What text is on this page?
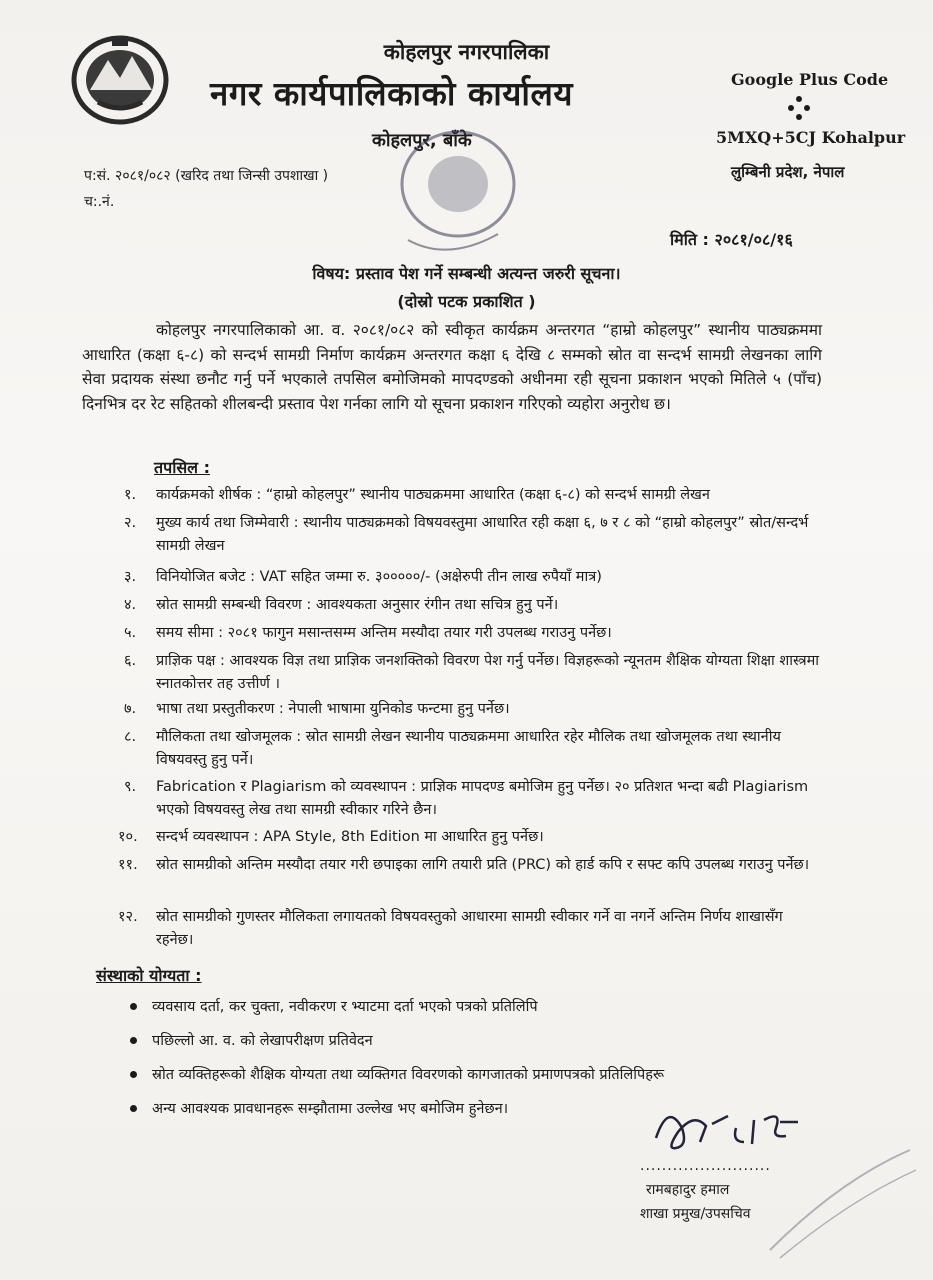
कोहलपुर नगरपालिका
नगर कार्यपालिकाको कार्यालय
कोहलपुर, बाँके
Google Plus Code
5MXQ+5CJ Kohalpur
लुम्बिनी प्रदेश, नेपाल
प:सं. २०८१/०८२ (खरिद तथा जिन्सी उपशाखा )
च:.नं.
मिति : २०८१/०८/१६
विषय: प्रस्ताव पेश गर्ने सम्बन्धी अत्यन्त जरुरी सूचना।
(दोस्रो पटक प्रकाशित )
कोहलपुर नगरपालिकाको आ. व. २०८१/०८२ को स्वीकृत कार्यक्रम अन्तरगत “हाम्रो कोहलपुर” स्थानीय पाठ्यक्रममा आधारित (कक्षा ६-८) को सन्दर्भ सामग्री निर्माण कार्यक्रम अन्तरगत कक्षा ६ देखि ८ सम्मको स्रोत वा सन्दर्भ सामग्री लेखनका लागि सेवा प्रदायक संस्था छनौट गर्नु पर्ने भएकाले तपसिल बमोजिमको मापदण्डको अधीनमा रही सूचना प्रकाशन भएको मितिले ५ (पाँच) दिनभित्र दर रेट सहितको शीलबन्दी प्रस्ताव पेश गर्नका लागि यो सूचना प्रकाशन गरिएको व्यहोरा अनुरोध छ।
तपसिल :
१.	कार्यक्रमको शीर्षक : “हाम्रो कोहलपुर” स्थानीय पाठ्यक्रममा आधारित (कक्षा ६-८) को सन्दर्भ सामग्री लेखन
२.	मुख्य कार्य तथा जिम्मेवारी : स्थानीय पाठ्यक्रमको विषयवस्तुमा आधारित रही कक्षा ६, ७ र ८ को “हाम्रो कोहलपुर” स्रोत/सन्दर्भ सामग्री लेखन
३.	विनियोजित बजेट : VAT सहित जम्मा रु. ३०००००/- (अक्षेरुपी तीन लाख रुपैयाँ मात्र)
४.	स्रोत सामग्री सम्बन्धी विवरण : आवश्यकता अनुसार रंगीन तथा सचित्र हुनु पर्ने।
५.	समय सीमा : २०८१ फागुन मसान्तसम्म अन्तिम मस्यौदा तयार गरी उपलब्ध गराउनु पर्नेछ।
६.	प्राज्ञिक पक्ष : आवश्यक विज्ञ तथा प्राज्ञिक जनशक्तिको विवरण पेश गर्नु पर्नेछ। विज्ञहरूको न्यूनतम शैक्षिक योग्यता शिक्षा शास्त्रमा स्नातकोत्तर तह उत्तीर्ण ।
७.	भाषा तथा प्रस्तुतीकरण : नेपाली भाषामा युनिकोड फन्टमा हुनु पर्नेछ।
८.	मौलिकता तथा खोजमूलक : स्रोत सामग्री लेखन स्थानीय पाठ्यक्रममा आधारित रहेर मौलिक तथा खोजमूलक तथा स्थानीय विषयवस्तु हुनु पर्ने।
९.	Fabrication र Plagiarism को व्यवस्थापन : प्राज्ञिक मापदण्ड बमोजिम हुनु पर्नेछ। २० प्रतिशत भन्दा बढी Plagiarism भएको विषयवस्तु लेख तथा सामग्री स्वीकार गरिने छैन।
१०.	सन्दर्भ व्यवस्थापन : APA Style, 8th Edition मा आधारित हुनु पर्नेछ।
११.	स्रोत सामग्रीको अन्तिम मस्यौदा तयार गरी छपाइका लागि तयारी प्रति (PRC) को हार्ड कपि र सफ्ट कपि उपलब्ध गराउनु पर्नेछ।
१२.	स्रोत सामग्रीको गुणस्तर मौलिकता लगायतको विषयवस्तुको आधारमा सामग्री स्वीकार गर्ने वा नगर्ने अन्तिम निर्णय शाखासँग रहनेछ।
संस्थाको योग्यता :
व्यवसाय दर्ता, कर चुक्ता, नवीकरण र भ्याटमा दर्ता भएको पत्रको प्रतिलिपि
पछिल्लो आ. व. को लेखापरीक्षण प्रतिवेदन
स्रोत व्यक्तिहरूको शैक्षिक योग्यता तथा व्यक्तिगत विवरणको कागजातको प्रमाणपत्रको प्रतिलिपिहरू
अन्य आवश्यक प्रावधानहरू सम्झौतामा उल्लेख भए बमोजिम हुनेछन।
........................
रामबहादुर हमाल
शाखा प्रमुख/उपसचिव
